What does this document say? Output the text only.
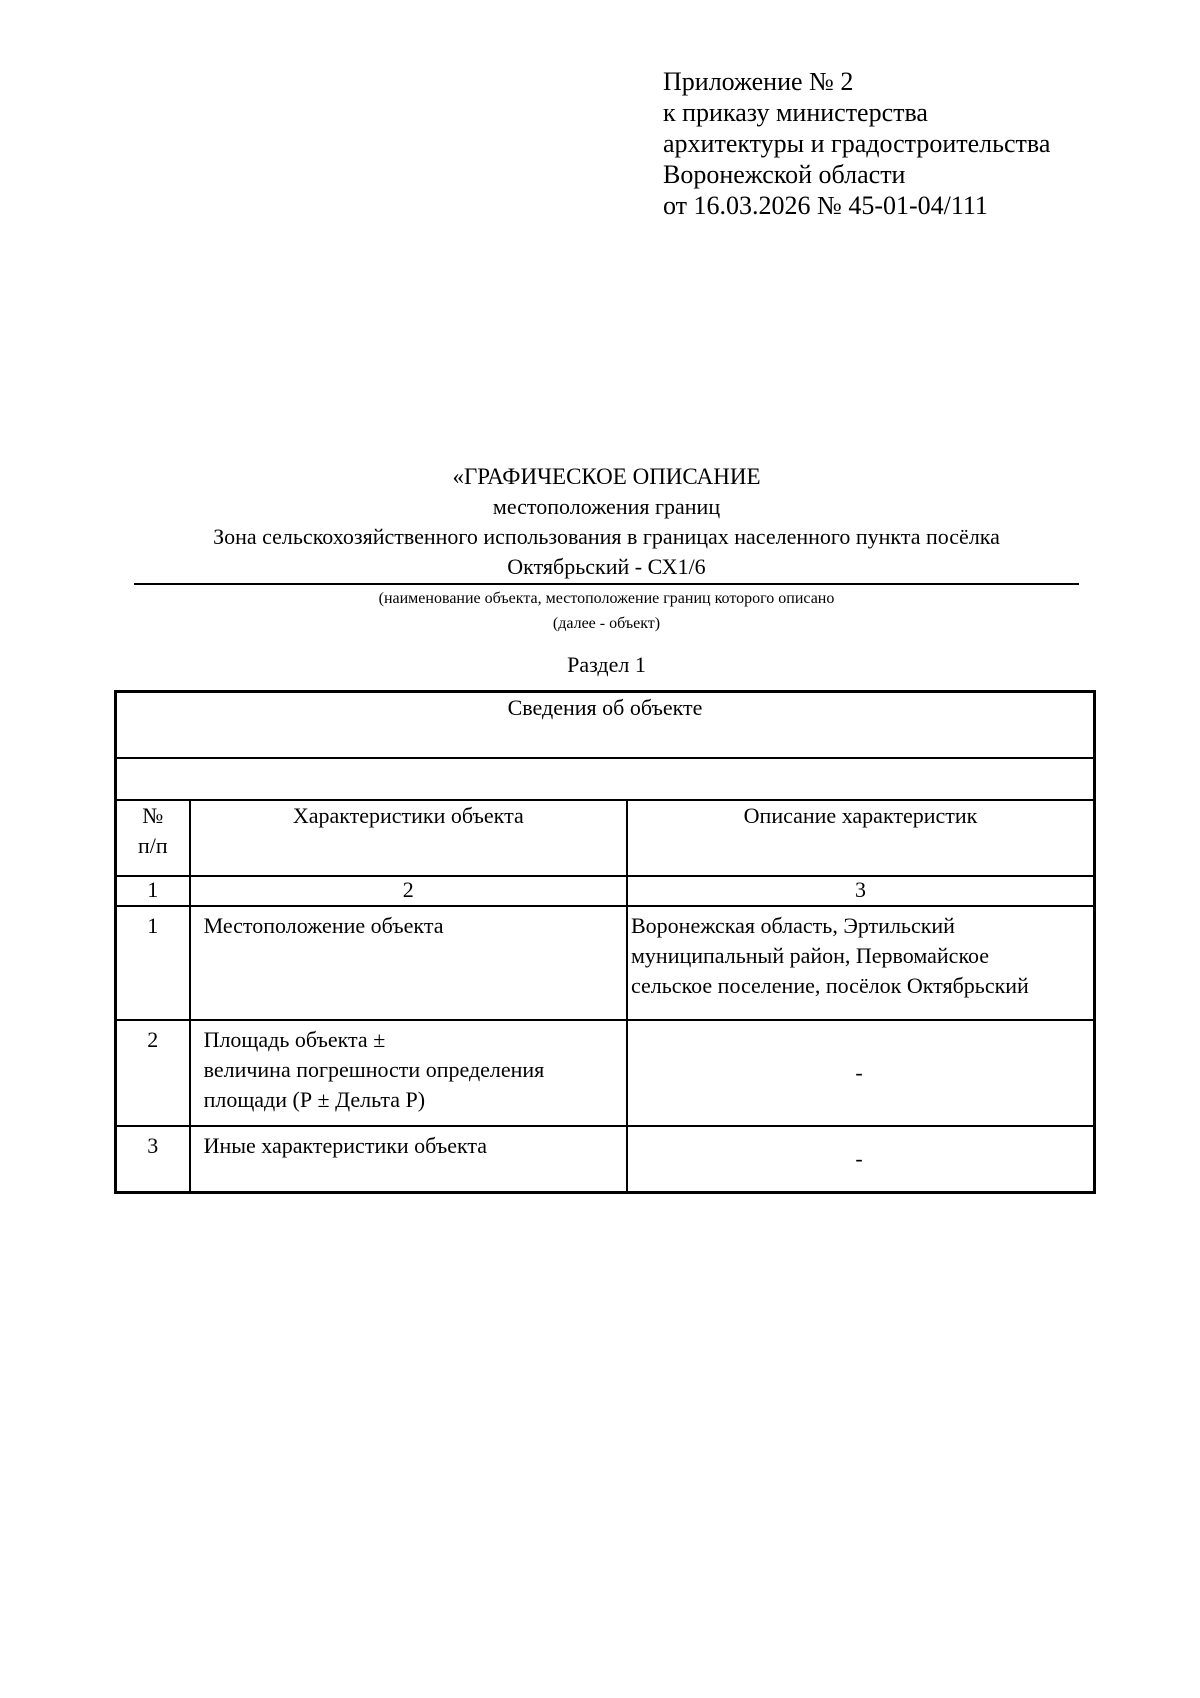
Приложение № 2
к приказу министерства
архитектуры и градостроительства
Воронежской области
от 16.03.2026 № 45-01-04/111
«ГРАФИЧЕСКОЕ ОПИСАНИЕ
местоположения границ
Зона сельскохозяйственного использования в границах населенного пункта посёлка
Октябрьский - СХ1/6
(наименование объекта, местоположение границ которого описано
(далее - объект)
Раздел 1
Сведения об объекте		

№
п/п	Характеристики объекта	Описание характеристик
1	2	3
1	Местоположение объекта	Воронежская область, Эртильский
муниципальный район, Первомайское
сельское поселение, посёлок Октябрьский

2	Площадь объекта ±
величина погрешности определения
площади (Р ± Дельта Р)	-
3	Иные характеристики объекта	-
